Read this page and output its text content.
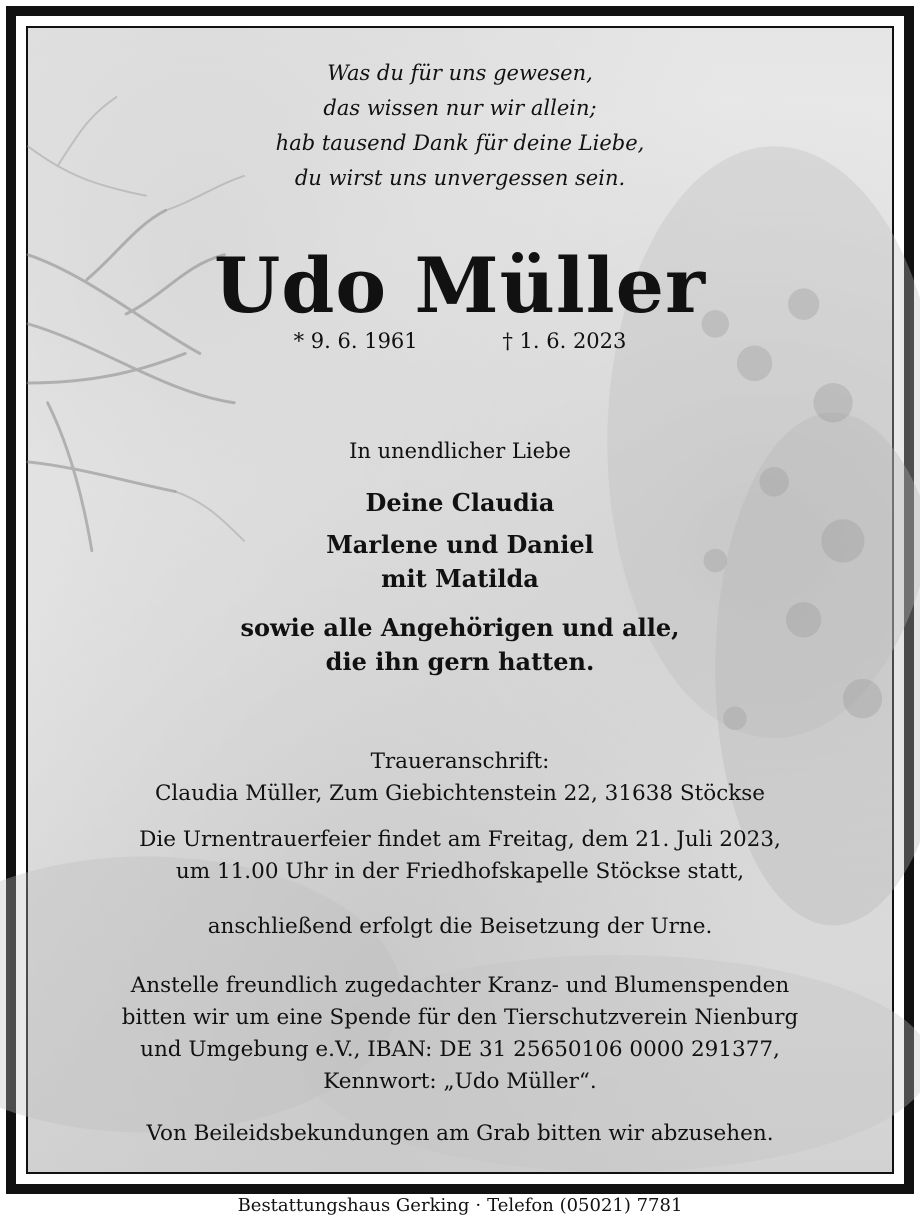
Was du für uns gewesen,
das wissen nur wir allein;
hab tausend Dank für deine Liebe,
du wirst uns unvergessen sein.
Udo Müller
* 9. 6. 1961	† 1. 6. 2023
In unendlicher Liebe
Deine Claudia
Marlene und Daniel
mit Matilda
sowie alle Angehörigen und alle,
die ihn gern hatten.
Traueranschrift:
Claudia Müller, Zum Giebichtenstein 22, 31638 Stöckse
Die Urnentrauerfeier findet am Freitag, dem 21. Juli 2023,
um 11.00 Uhr in der Friedhofskapelle Stöckse statt,
anschließend erfolgt die Beisetzung der Urne.
Anstelle freundlich zugedachter Kranz- und Blumenspenden
bitten wir um eine Spende für den Tierschutzverein Nienburg
und Umgebung e.V., IBAN: DE 31 25650106 0000 291377,
Kennwort: „Udo Müller“.
Von Beileidsbekundungen am Grab bitten wir abzusehen.
Bestattungshaus Gerking · Telefon (05021) 7781
